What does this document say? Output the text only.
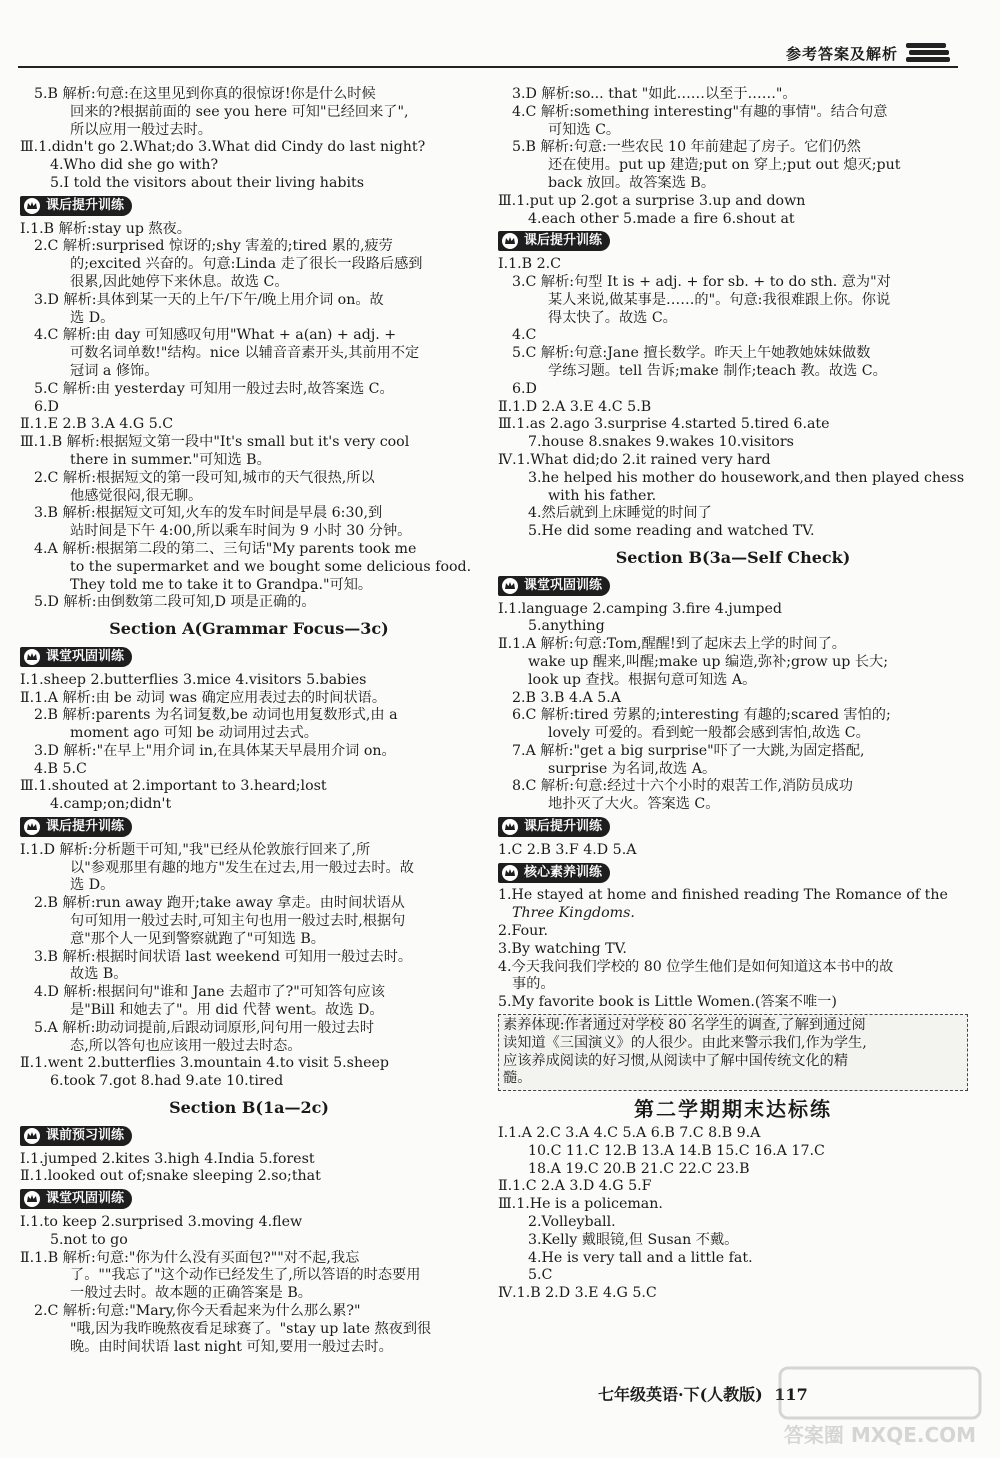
参考答案及解析
5.B 解析:句意:在这里见到你真的很惊讶!你是什么时候
回来的?根据前面的 see you here 可知"已经回来了",
所以应用一般过去时。
Ⅲ.1.didn't go 2.What;do 3.What did Cindy do last night?
4.Who did she go with?
5.I told the visitors about their living habits
课后提升训练
Ⅰ.1.B 解析:stay up 熬夜。
2.C 解析:surprised 惊讶的;shy 害羞的;tired 累的,疲劳
的;excited 兴奋的。句意:Linda 走了很长一段路后感到
很累,因此她停下来休息。故选 C。
3.D 解析:具体到某一天的上午/下午/晚上用介词 on。故
选 D。
4.C 解析:由 day 可知感叹句用"What + a(an) + adj. +
可数名词单数!"结构。nice 以辅音音素开头,其前用不定
冠词 a 修饰。
5.C 解析:由 yesterday 可知用一般过去时,故答案选 C。
6.D
Ⅱ.1.E 2.B 3.A 4.G 5.C
Ⅲ.1.B 解析:根据短文第一段中"It's small but it's very cool
there in summer."可知选 B。
2.C 解析:根据短文的第一段可知,城市的天气很热,所以
他感觉很闷,很无聊。
3.B 解析:根据短文可知,火车的发车时间是早晨 6:30,到
站时间是下午 4:00,所以乘车时间为 9 小时 30 分钟。
4.A 解析:根据第二段的第二、三句话"My parents took me
to the supermarket and we bought some delicious food.
They told me to take it to Grandpa."可知。
5.D 解析:由倒数第二段可知,D 项是正确的。
Section A(Grammar Focus—3c)
课堂巩固训练
Ⅰ.1.sheep 2.butterflies 3.mice 4.visitors 5.babies
Ⅱ.1.A 解析:由 be 动词 was 确定应用表过去的时间状语。
2.B 解析:parents 为名词复数,be 动词也用复数形式,由 a
moment ago 可知 be 动词用过去式。
3.D 解析:"在早上"用介词 in,在具体某天早晨用介词 on。
4.B 5.C
Ⅲ.1.shouted at 2.important to 3.heard;lost
4.camp;on;didn't
课后提升训练
Ⅰ.1.D 解析:分析题干可知,"我"已经从伦敦旅行回来了,所
以"参观那里有趣的地方"发生在过去,用一般过去时。故
选 D。
2.B 解析:run away 跑开;take away 拿走。由时间状语从
句可知用一般过去时,可知主句也用一般过去时,根据句
意"那个人一见到警察就跑了"可知选 B。
3.B 解析:根据时间状语 last weekend 可知用一般过去时。
故选 B。
4.D 解析:根据问句"谁和 Jane 去超市了?"可知答句应该
是"Bill 和她去了"。用 did 代替 went。故选 D。
5.A 解析:助动词提前,后跟动词原形,问句用一般过去时
态,所以答句也应该用一般过去时态。
Ⅱ.1.went 2.butterflies 3.mountain 4.to visit 5.sheep
6.took 7.got 8.had 9.ate 10.tired
Section B(1a—2c)
课前预习训练
Ⅰ.1.jumped 2.kites 3.high 4.India 5.forest
Ⅱ.1.looked out of;snake sleeping 2.so;that
课堂巩固训练
Ⅰ.1.to keep 2.surprised 3.moving 4.flew
5.not to go
Ⅱ.1.B 解析:句意:"你为什么没有买面包?""对不起,我忘
了。""我忘了"这个动作已经发生了,所以答语的时态要用
一般过去时。故本题的正确答案是 B。
2.C 解析:句意:"Mary,你今天看起来为什么那么累?"
"哦,因为我昨晚熬夜看足球赛了。"stay up late 熬夜到很
晚。由时间状语 last night 可知,要用一般过去时。
3.D 解析:so... that "如此……以至于……"。
4.C 解析:something interesting"有趣的事情"。结合句意
可知选 C。
5.B 解析:句意:一些农民 10 年前建起了房子。它们仍然
还在使用。put up 建造;put on 穿上;put out 熄灭;put
back 放回。故答案选 B。
Ⅲ.1.put up 2.got a surprise 3.up and down
4.each other 5.made a fire 6.shout at
课后提升训练
Ⅰ.1.B 2.C
3.C 解析:句型 It is + adj. + for sb. + to do sth. 意为"对
某人来说,做某事是……的"。句意:我很难跟上你。你说
得太快了。故选 C。
4.C
5.C 解析:句意:Jane 擅长数学。昨天上午她教她妹妹做数
学练习题。tell 告诉;make 制作;teach 教。故选 C。
6.D
Ⅱ.1.D 2.A 3.E 4.C 5.B
Ⅲ.1.as 2.ago 3.surprise 4.started 5.tired 6.ate
7.house 8.snakes 9.wakes 10.visitors
Ⅳ.1.What did;do 2.it rained very hard
3.he helped his mother do housework,and then played chess
with his father.
4.然后就到上床睡觉的时间了
5.He did some reading and watched TV.
Section B(3a—Self Check)
课堂巩固训练
Ⅰ.1.language 2.camping 3.fire 4.jumped
5.anything
Ⅱ.1.A 解析:句意:Tom,醒醒!到了起床去上学的时间了。
wake up 醒来,叫醒;make up 编造,弥补;grow up 长大;
look up 查找。根据句意可知选 A。
2.B 3.B 4.A 5.A
6.C 解析:tired 劳累的;interesting 有趣的;scared 害怕的;
lovely 可爱的。看到蛇一般都会感到害怕,故选 C。
7.A 解析:"get a big surprise"吓了一大跳,为固定搭配,
surprise 为名词,故选 A。
8.C 解析:句意:经过十六个小时的艰苦工作,消防员成功
地扑灭了大火。答案选 C。
课后提升训练
1.C 2.B 3.F 4.D 5.A
核心素养训练
1.He stayed at home and finished reading The Romance of the
Three Kingdoms.
2.Four.
3.By watching TV.
4.今天我问我们学校的 80 位学生他们是如何知道这本书中的故
事的。
5.My favorite book is Little Women.(答案不唯一)
素养体现:作者通过对学校 80 名学生的调查,了解到通过阅
读知道《三国演义》的人很少。由此来警示我们,作为学生,
应该养成阅读的好习惯,从阅读中了解中国传统文化的精
髓。
第二学期期末达标练
Ⅰ.1.A 2.C 3.A 4.C 5.A 6.B 7.C 8.B 9.A
10.C 11.C 12.B 13.A 14.B 15.C 16.A 17.C
18.A 19.C 20.B 21.C 22.C 23.B
Ⅱ.1.C 2.A 3.D 4.G 5.F
Ⅲ.1.He is a policeman.
2.Volleyball.
3.Kelly 戴眼镜,但 Susan 不戴。
4.He is very tall and a little fat.
5.C
Ⅳ.1.B 2.D 3.E 4.G 5.C
七年级英语·下(人教版) 117
答案圈 MXQE.COM
